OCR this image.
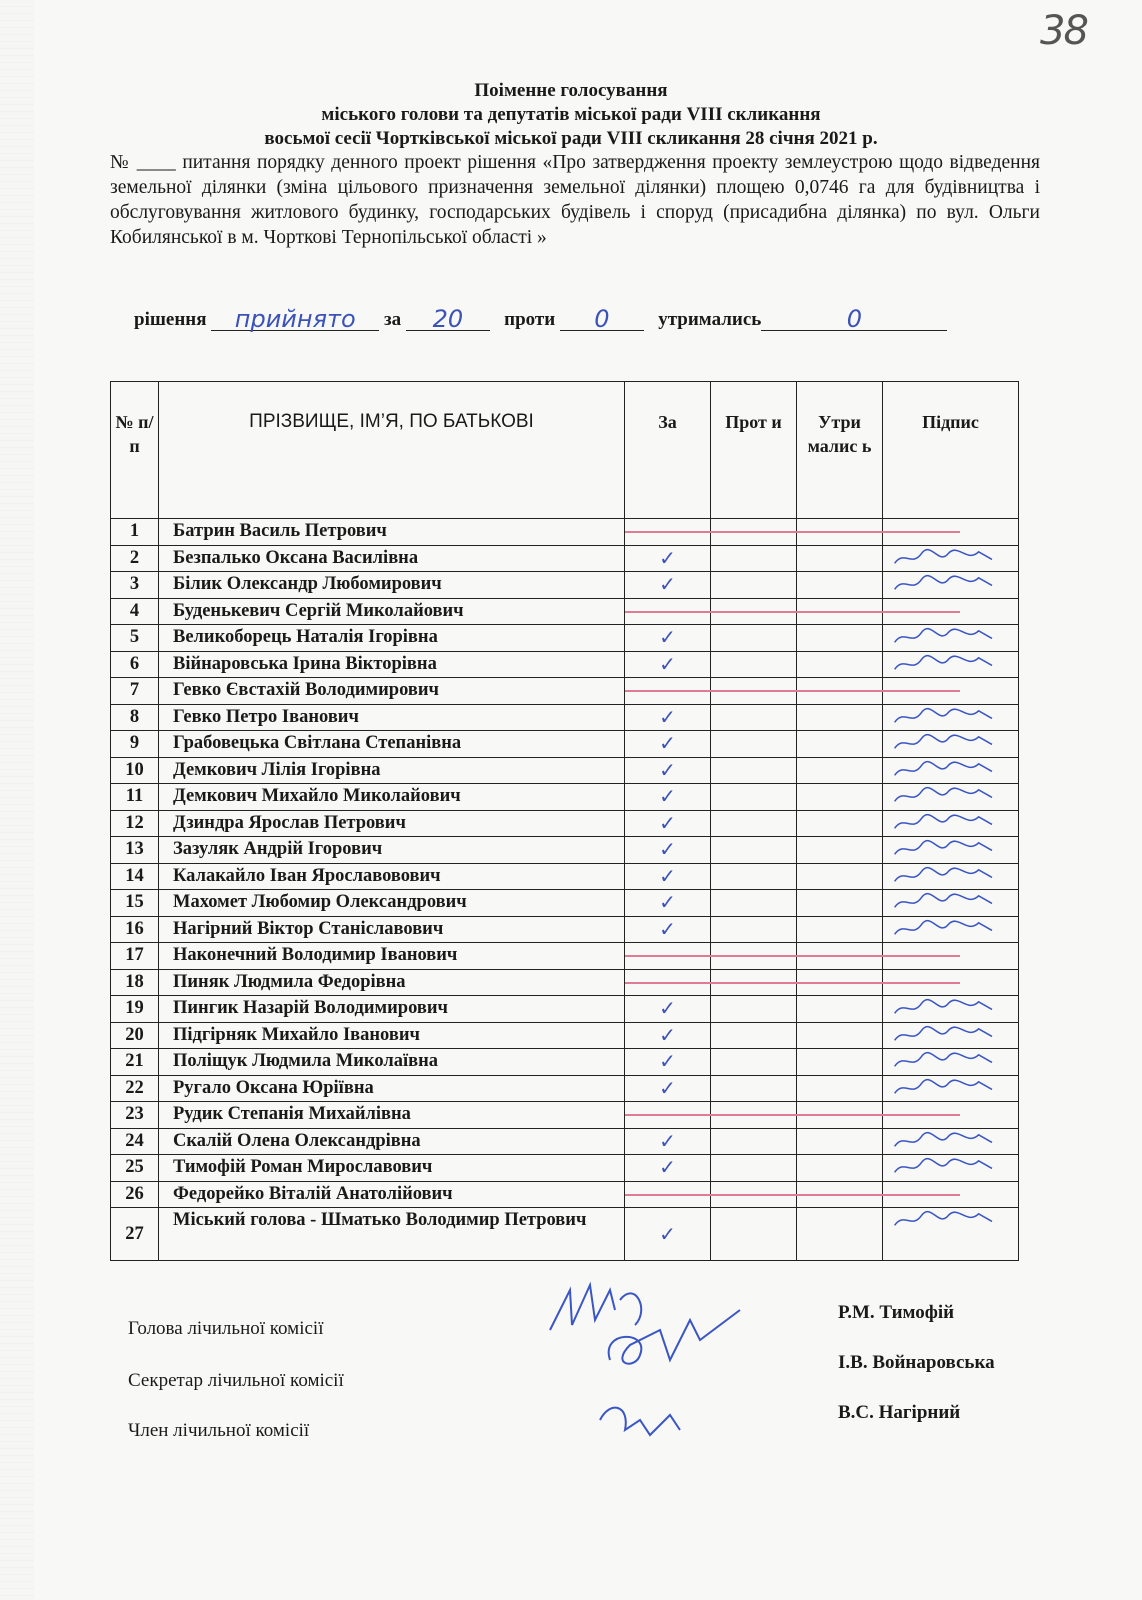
38
Поіменне голосування
міського голови та депутатів міської ради VIII скликання
восьмої сесії Чортківської міської ради VIII скликання 28 січня 2021 р.
№ ____ питання порядку денного проект рішення «Про затвердження проекту землеустрою щодо відведення земельної ділянки (зміна цільового призначення земельної ділянки) площею 0,0746 га для будівництва і обслуговування житлового будинку, господарських будівель і споруд (присадибна ділянка) по вул. Ольги Кобилянської в м. Чорткові Тернопільської області »
рішення прийнято за 20 проти 0	утримались	0
№ п/п	ПРІЗВИЩЕ, ІМ’Я, ПО БАТЬКОВІ	За	Прот и	Утри малис ь	Підпис
1	Батрин Василь Петрович	

2	Безпалько Оксана Василівна	✓			

3	Білик Олександр Любомирович	✓			

4	Буденькевич Сергій Миколайович	

5	Великоборець Наталія Ігорівна	✓			

6	Війнаровська Ірина Вікторівна	✓			

7	Гевко Євстахій Володимирович	

8	Гевко Петро Іванович	✓			

9	Грабовецька Світлана Степанівна	✓			

10	Демкович Лілія Ігорівна	✓			

11	Демкович Михайло Миколайович	✓			

12	Дзиндра Ярослав Петрович	✓			

13	Зазуляк Андрій Ігорович	✓			

14	Калакайло Іван Ярославовович	✓			

15	Махомет Любомир Олександрович	✓			

16	Нагірний Віктор Станіславович	✓			

17	Наконечний Володимир Іванович	

18	Пиняк Людмила Федорівна	

19	Пингик Назарій Володимирович	✓			

20	Підгірняк Михайло Іванович	✓			

21	Поліщук Людмила Миколаївна	✓			

22	Ругало Оксана Юріївна	✓			

23	Рудик Степанія Михайлівна	

24	Скалій Олена Олександрівна	✓			

25	Тимофій Роман Мирославович	✓			

26	Федорейко Віталій Анатолійович	

27	Міський голова - Шматько Володимир Петрович	✓			
Голова лічильної комісії
Секретар лічильної комісії
Член лічильної комісії
Р.М. Тимофій
І.В. Войнаровська
В.С. Нагірний
